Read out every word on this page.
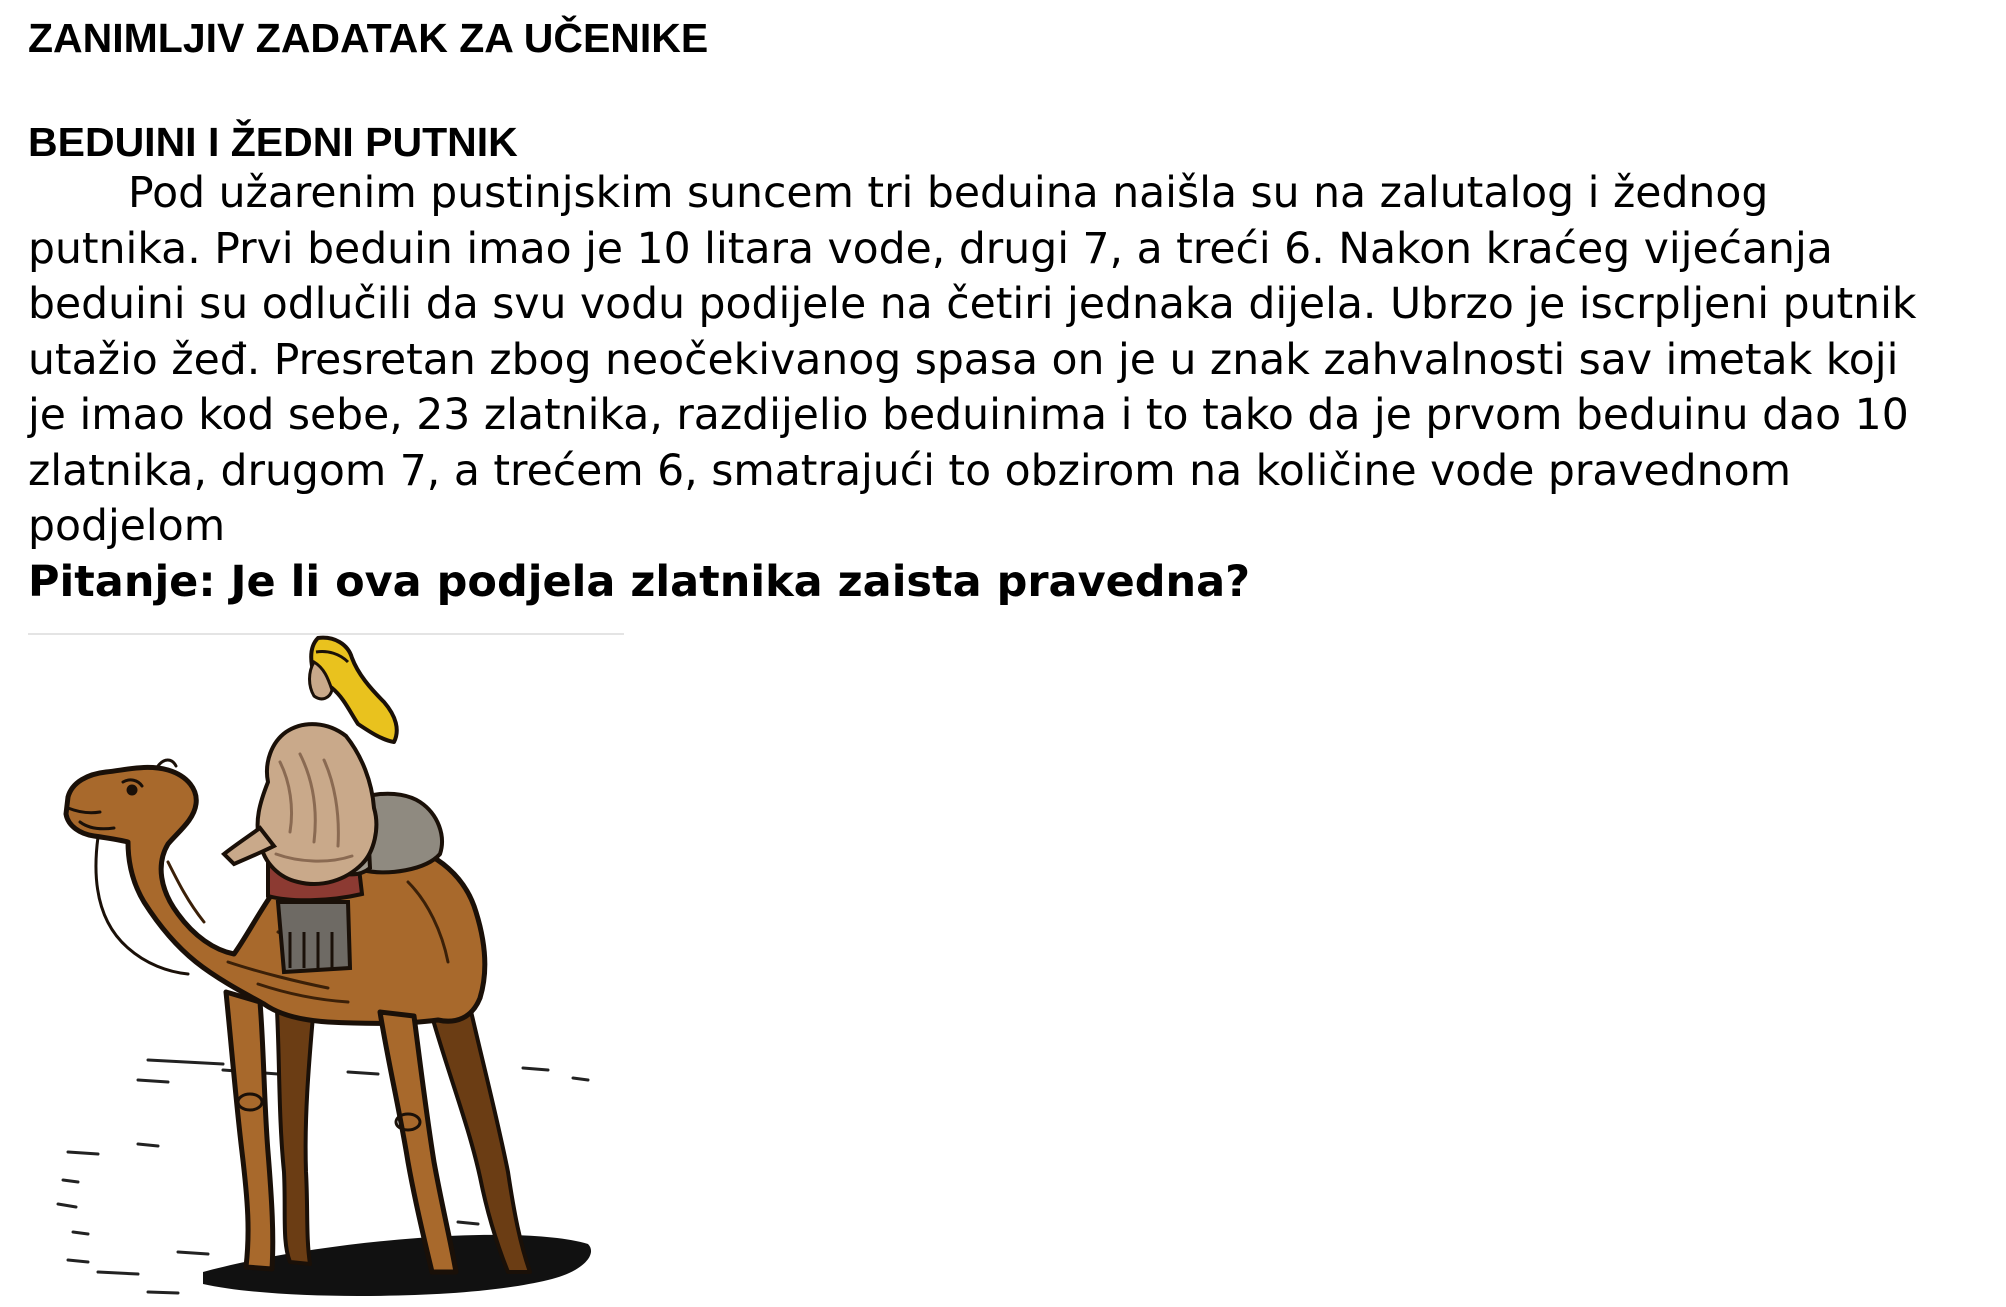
ZANIMLJIV ZADATAK ZA UČENIKE
BEDUINI I ŽEDNI PUTNIK
Pod užarenim pustinjskim suncem tri beduina naišla su na zalutalog i žednog
putnika. Prvi beduin imao je 10 litara vode, drugi 7, a treći 6. Nakon kraćeg vijećanja
beduini su odlučili da svu vodu podijele na četiri jednaka dijela. Ubrzo je iscrpljeni putnik
utažio žeđ. Presretan zbog neočekivanog spasa on je u znak zahvalnosti sav imetak koji
je imao kod sebe, 23 zlatnika, razdijelio beduinima i to tako da je prvom beduinu dao 10
zlatnika, drugom 7, a trećem 6, smatrajući to obzirom na količine vode pravednom
podjelom

Pitanje: Je li ova podjela zlatnika zaista pravedna?
